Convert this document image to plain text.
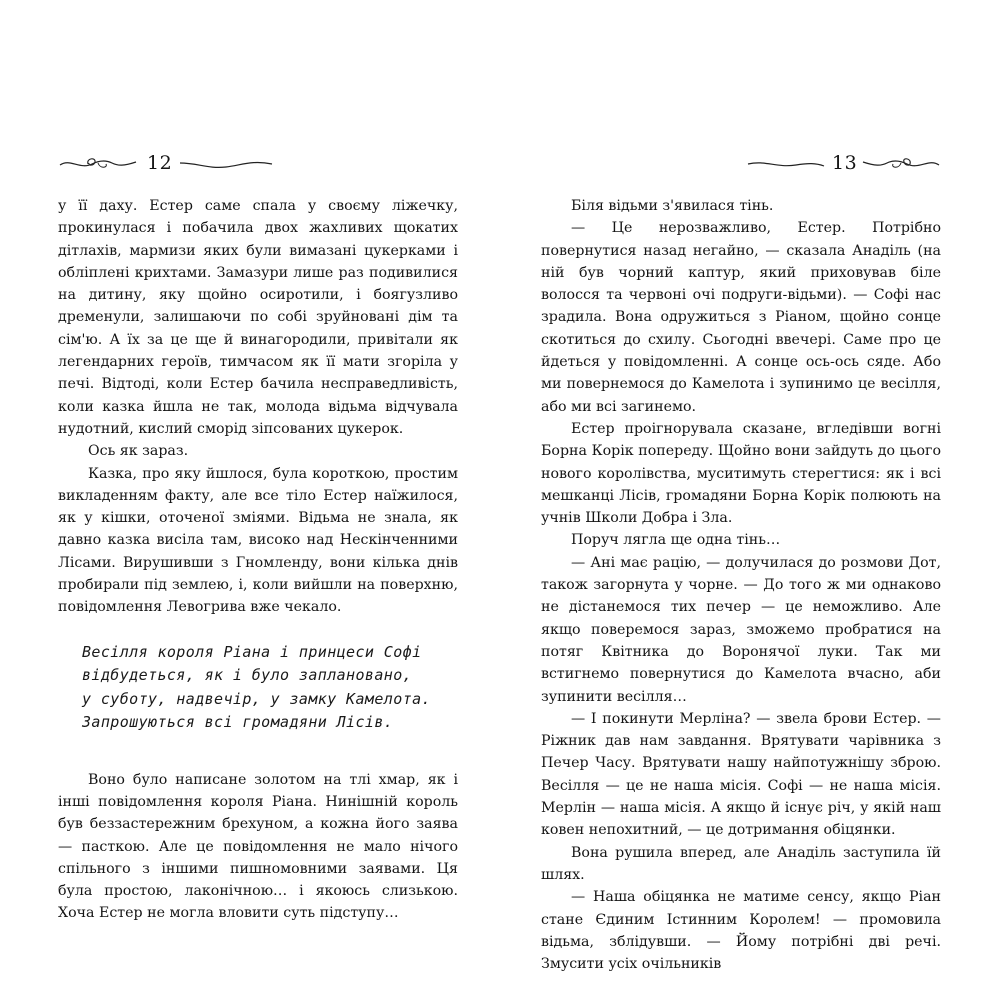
12

у її даху. Естер саме спала у своєму ліжечку, прокинулася і побачила двох жахливих щокатих дітлахів, мармизи яких були вимазані цукерками і обліплені крихтами. Замазури лише раз подивилися на дитину, яку щойно осиротили, і боягузливо дременули, залишаючи по собі зруйновані дім та сім'ю. А їх за це ще й винагородили, привітали як легендарних героїв, тимчасом як її мати згоріла у печі. Відтоді, коли Естер бачила несправедливість, коли казка йшла не так, молода відьма відчувала нудотний, кислий сморід зіпсованих цукерок.

Ось як зараз.

Казка, про яку йшлося, була короткою, простим викладенням факту, але все тіло Естер наїжилося, як у кішки, оточеної зміями. Відьма не знала, як давно казка висіла там, високо над Нескінченними Лісами. Вирушивши з Гномленду, вони кілька днів пробирали під землею, і, коли вийшли на поверхню, повідомлення Левогрива вже чекало.

Весілля короля Ріана і принцеси Софі
відбудеться, як і було заплановано,
у суботу, надвечір, у замку Камелота.
Запрошуються всі громадяни Лісів.

Воно було написане золотом на тлі хмар, як і інші повідомлення короля Ріана. Нинішній король був беззастережним брехуном, а кожна його заява — пасткою. Але це повідомлення не мало нічого спільного з іншими пишномовними заявами. Ця була простою, лаконічною… і якоюсь слизькою. Хоча Естер не могла вловити суть підступу…

13

Біля відьми з'явилася тінь.

— Це нерозважливо, Естер. Потрібно повернутися назад негайно, — сказала Анаділь (на ній був чорний каптур, який приховував біле волосся та червоні очі подруги-відьми). — Софі нас зрадила. Вона одружиться з Ріаном, щойно сонце скотиться до схилу. Сьогодні ввечері. Саме про це йдеться у повідомленні. А сонце ось-ось сяде. Або ми повернемося до Камелота і зупинимо це весілля, або ми всі загинемо.

Естер проігнорувала сказане, вгледівши вогні Борна Корік попереду. Щойно вони зайдуть до цього нового королівства, муситимуть стерегтися: як і всі мешканці Лісів, громадяни Борна Корік полюють на учнів Школи Добра і Зла.

Поруч лягла ще одна тінь…

— Ані має рацію, — долучилася до розмови Дот, також загорнута у чорне. — До того ж ми однаково не дістанемося тих печер — це неможливо. Але якщо поверемося зараз, зможемо пробратися на потяг Квітника до Воронячої луки. Так ми встигнемо повернутися до Камелота вчасно, аби зупинити весілля…

— І покинути Мерліна? — звела брови Естер. — Ріжник дав нам завдання. Врятувати чарівника з Печер Часу. Врятувати нашу найпотужнішу зброю. Весілля — це не наша місія. Софі — не наша місія. Мерлін — наша місія. А якщо й існує річ, у якій наш ковен непохитний, — це дотримання обіцянки.

Вона рушила вперед, але Анаділь заступила їй шлях.

— Наша обіцянка не матиме сенсу, якщо Ріан стане Єдиним Істинним Королем! — промовила відьма, зблідувши. — Йому потрібні дві речі. Змусити усіх очільників
